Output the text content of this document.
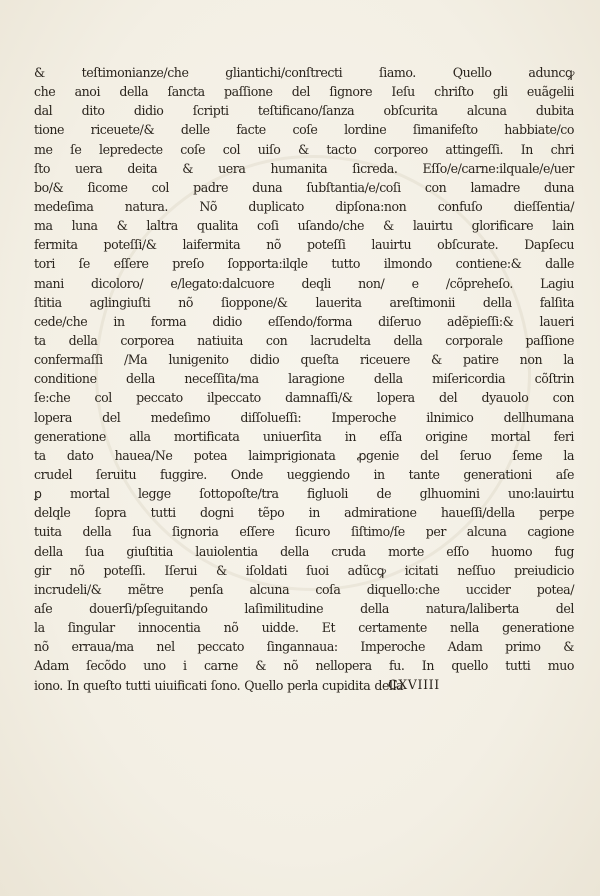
& teſtimonianze/che gliantichi/conſtrecti ſiamo. Quello aduncꝙ
che anoi della ſancta paſſione del ſignore Ieſu chriſto gli euãgelii
dal dito didio ſcripti teſtificano/ſanza obſcurita alcuna dubita
tione riceuete/& delle facte coſe lordine ſimanifeſto habbiate/co
me ſe lepredecte coſe col uiſo & tacto corporeo attingeſſi. In chri
ſto uera deita & uera humanita ſicreda. Eſſo/e/carne:ilquale/e/uer
bo/& ſicome col padre duna ſubſtantia/e/coſi con lamadre duna
medeſima natura. Nõ duplicato dipſona:non confuſo dieſſentia/
ma luna & laltra qualita coſi uſando/che & lauirtu glorificare lain
fermita poteſſi/& laifermita nõ poteſſi lauirtu obſcurate. Dapſecu
tori ſe eſſere preſo ſopporta:ilqle tutto ilmondo contiene:& dalle
mani dicoloro/ e/legato:dalcuore deqli non/ e /cõpreheſo. Lagiu
ſtitia aglingiuſti nõ ſioppone/& lauerita areſtimonii della falſita
cede/che in forma didio eſſendo/forma diſeruo adẽpieſſi:& laueri
ta della corporea natiuita con lacrudelta della corporale paſſione
confermaſſi /Ma lunigenito didio queſta riceuere & patire non la
conditione della neceſſita/ma laragione della miſericordia cõſtrin
ſe:che col peccato ilpeccato damnaſſi/& lopera del dyauolo con
lopera del medeſimo diſſolueſſi: Imperoche ilnimico dellhumana
generatione alla mortificata uniuerſita in eſſa origine mortal feri
ta dato hauea/Ne potea laimprigionata ꝓgenie del ſeruo ſeme la
crudel ſeruitu fuggire. Onde ueggiendo in tante generationi aſe
ꝑ mortal legge ſottopoſte/tra figluoli de glhuomini uno:lauirtu
delqle ſopra tutti dogni tẽpo in admiratione haueſſi/della perpe
tuita della ſua ſignoria eſſere ſicuro ſiſtimo/ſe per alcuna cagione
della ſua giuſtitia lauiolentia della cruda morte eſſo huomo fug
gir nõ poteſſi. Iſerui & iſoldati ſuoi adũcꝙ icitati neſſuo preiudicio
incrudeli/& mẽtre penſa alcuna coſa diquello:che uccider potea/
aſe douerſi/pſeguitando laſimilitudine della natura/laliberta del
la ſingular innocentia nõ uidde. Et certamente nella generatione
nõ erraua/ma nel peccato ſingannaua: Imperoche Adam primo &
Adam ſecõdo uno i carne & nõ nellopera fu. In quello tutti muo
iono. In queſto tutti uiuificati ſono. Quello perla cupidita della
CXVIIII
